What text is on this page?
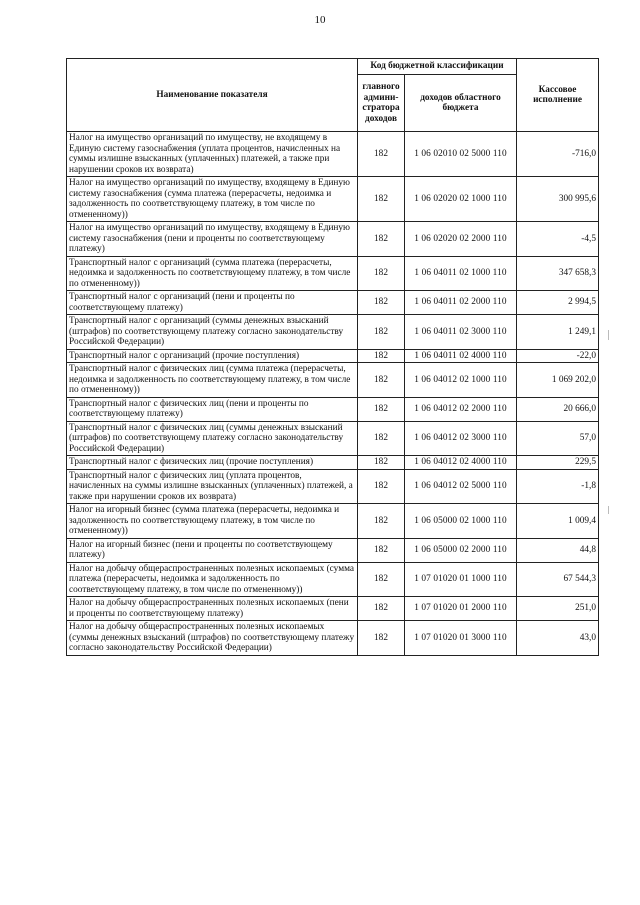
10
Наименование показателя	Код бюджетной классификации		Кассовое исполнение
	главного админи-стратора доходов	доходов областного бюджета	
Налог на имущество организаций по имуществу, не входящему в Единую систему газоснабжения (уплата процентов, начисленных на суммы излишне взысканных (уплаченных) платежей, а также при нарушении сроков их возврата)	182	1 06 02010 02 5000 110	-716,0
Налог на имущество организаций по имуществу, входящему в Единую систему газоснабжения (сумма платежа (перерасчеты, недоимка и задолженность по соответствующему платежу, в том числе по отмененному))	182	1 06 02020 02 1000 110	300 995,6
Налог на имущество организаций по имуществу, входящему в Единую систему газоснабжения (пени и проценты по соответствующему платежу)	182	1 06 02020 02 2000 110	-4,5
Транспортный налог с организаций (сумма платежа (перерасчеты, недоимка и задолженность по соответствующему платежу, в том числе по отмененному))	182	1 06 04011 02 1000 110	347 658,3
Транспортный налог с организаций (пени и проценты по соответствующему платежу)	182	1 06 04011 02 2000 110	2 994,5
Транспортный налог с организаций (суммы денежных взысканий (штрафов) по соответствующему платежу согласно законодательству Российской Федерации)	182	1 06 04011 02 3000 110	1 249,1
Транспортный налог с организаций (прочие поступления)	182	1 06 04011 02 4000 110	-22,0
Транспортный налог с физических лиц (сумма платежа (перерасчеты, недоимка и задолженность по соответствующему платежу, в том числе по отмененному))	182	1 06 04012 02 1000 110	1 069 202,0
Транспортный налог с физических лиц (пени и проценты по соответствующему платежу)	182	1 06 04012 02 2000 110	20 666,0
Транспортный налог с физических лиц (суммы денежных взысканий (штрафов) по соответствующему платежу согласно законодательству Российской Федерации)	182	1 06 04012 02 3000 110	57,0
Транспортный налог с физических лиц (прочие поступления)	182	1 06 04012 02 4000 110	229,5
Транспортный налог с физических лиц (уплата процентов, начисленных на суммы излишне взысканных (уплаченных) платежей, а также при нарушении сроков их возврата)	182	1 06 04012 02 5000 110	-1,8
Налог на игорный бизнес (сумма платежа (перерасчеты, недоимка и задолженность по соответствующему платежу, в том числе по отмененному))	182	1 06 05000 02 1000 110	1 009,4
Налог на игорный бизнес (пени и проценты по соответствующему платежу)	182	1 06 05000 02 2000 110	44,8
Налог на добычу общераспространенных полезных ископаемых (сумма платежа (перерасчеты, недоимка и задолженность по соответствующему платежу, в том числе по отмененному))	182	1 07 01020 01 1000 110	67 544,3
Налог на добычу общераспространенных полезных ископаемых (пени и проценты по соответствующему платежу)	182	1 07 01020 01 2000 110	251,0
Налог на добычу общераспространенных полезных ископаемых (суммы денежных взысканий (штрафов) по соответствующему платежу согласно законодательству Российской Федерации)	182	1 07 01020 01 3000 110	43,0
